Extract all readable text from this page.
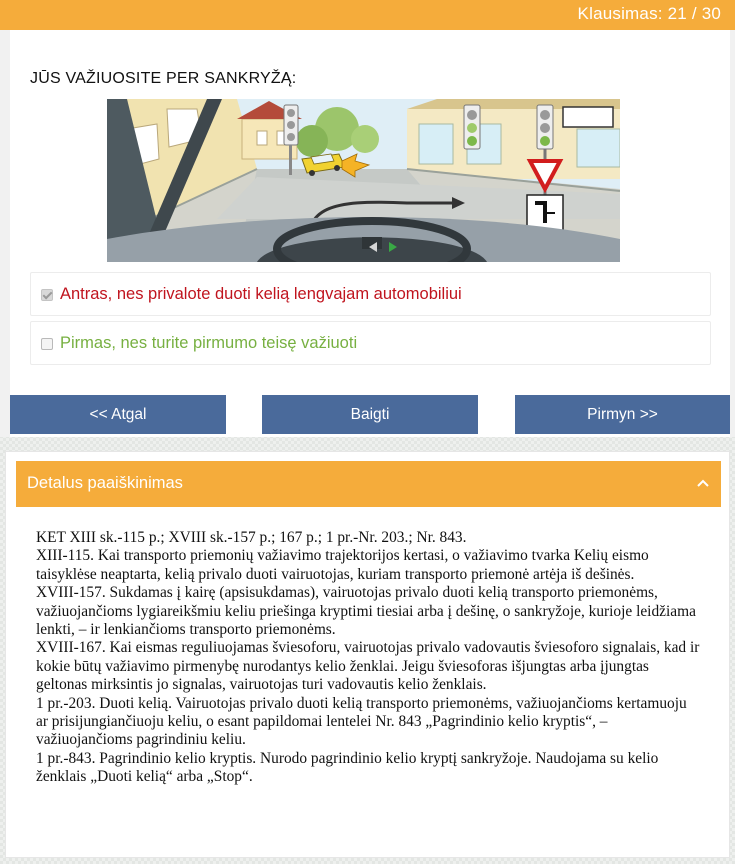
Klausimas: 21 / 30
JŪS VAŽIUOSITE PER SANKRYŽĄ:
Antras, nes privalote duoti kelią lengvajam automobiliui
Pirmas, nes turite pirmumo teisę važiuoti
<< Atgal	Baigti	Pirmyn >>
Detalus paaiškinimas
KET XIII sk.-115 p.; XVIII sk.-157 p.; 167 p.; 1 pr.-Nr. 203.; Nr. 843.
XIII-115. Kai transporto priemonių važiavimo trajektorijos kertasi, o važiavimo tvarka Kelių eismo taisyklėse neaptarta, kelią privalo duoti vairuotojas, kuriam transporto priemonė artėja iš dešinės.
XVIII-157. Sukdamas į kairę (apsisukdamas), vairuotojas privalo duoti kelią transporto priemonėms, važiuojančioms lygiareikšmiu keliu priešinga kryptimi tiesiai arba į dešinę, o sankryžoje, kurioje leidžiama lenkti, – ir lenkiančioms transporto priemonėms.
XVIII-167. Kai eismas reguliuojamas šviesoforu, vairuotojas privalo vadovautis šviesoforo signalais, kad ir kokie būtų važiavimo pirmenybę nurodantys kelio ženklai. Jeigu šviesoforas išjungtas arba įjungtas geltonas mirksintis jo signalas, vairuotojas turi vadovautis kelio ženklais.
1 pr.-203. Duoti kelią. Vairuotojas privalo duoti kelią transporto priemonėms, važiuojančioms kertamuoju ar prisijungiančiuoju keliu, o esant papildomai lentelei Nr. 843 „Pagrindinio kelio kryptis“, – važiuojančioms pagrindiniu keliu.
1 pr.-843. Pagrindinio kelio kryptis. Nurodo pagrindinio kelio kryptį sankryžoje. Naudojama su kelio ženklais „Duoti kelią“ arba „Stop“.
